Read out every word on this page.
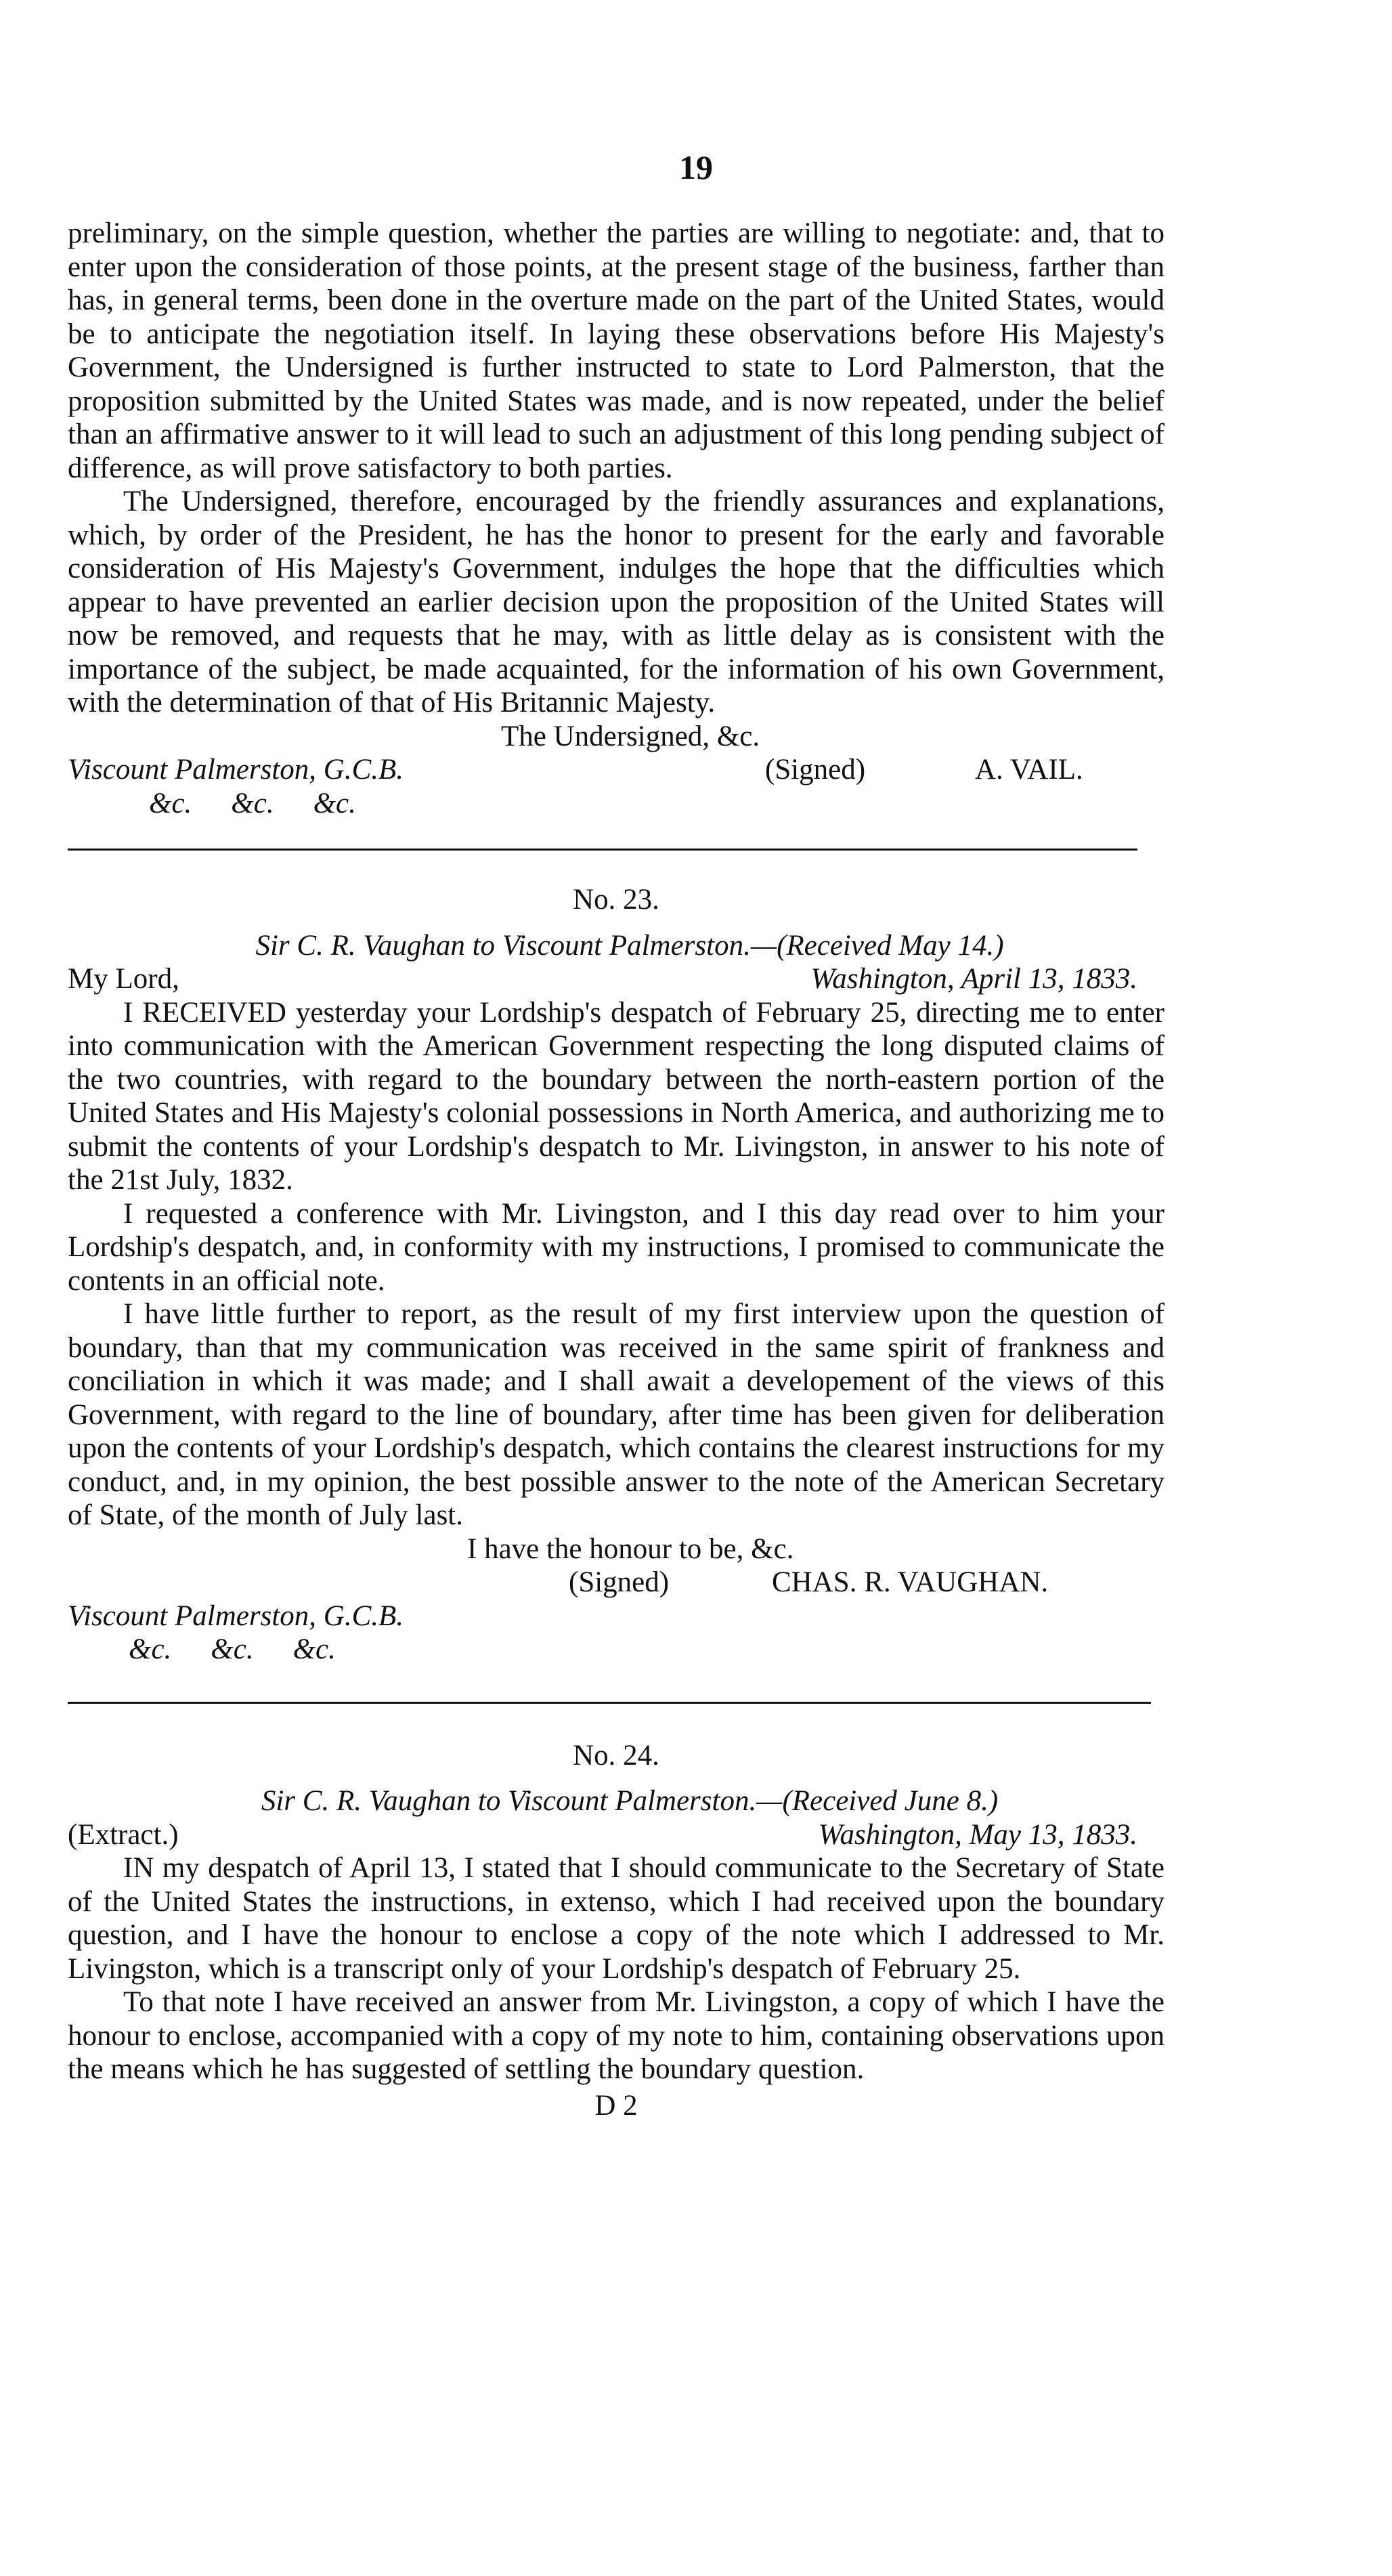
19

preliminary, on the simple question, whether the parties are willing to negotiate: and, that to enter upon the consideration of those points, at the present stage of the business, farther than has, in general terms, been done in the overture made on the part of the United States, would be to anticipate the negotiation itself. In laying these observations before His Majesty's Government, the Undersigned is further instructed to state to Lord Palmerston, that the proposition submitted by the United States was made, and is now repeated, under the belief than an affirmative answer to it will lead to such an adjustment of this long pending subject of difference, as will prove satisfactory to both parties.

The Undersigned, therefore, encouraged by the friendly assurances and explanations, which, by order of the President, he has the honor to present for the early and favorable consideration of His Majesty's Government, indulges the hope that the difficulties which appear to have prevented an earlier decision upon the proposition of the United States will now be removed, and requests that he may, with as little delay as is consistent with the importance of the subject, be made acquainted, for the information of his own Government, with the determination of that of His Britannic Majesty.

The Undersigned, &c.
Viscount Palmerston, G.C.B.	(Signed)	A. VAIL.
&c. &c. &c.
No. 23.
Sir C. R. Vaughan to Viscount Palmerston.—(Received May 14.)
My Lord,	Washington, April 13, 1833.

I RECEIVED yesterday your Lordship's despatch of February 25, directing me to enter into communication with the American Government respecting the long disputed claims of the two countries, with regard to the boundary between the north-eastern portion of the United States and His Majesty's colonial possessions in North America, and authorizing me to submit the contents of your Lordship's despatch to Mr. Livingston, in answer to his note of the 21st July, 1832.

I requested a conference with Mr. Livingston, and I this day read over to him your Lordship's despatch, and, in conformity with my instructions, I promised to communicate the contents in an official note.

I have little further to report, as the result of my first interview upon the question of boundary, than that my communication was received in the same spirit of frankness and conciliation in which it was made; and I shall await a developement of the views of this Government, with regard to the line of boundary, after time has been given for deliberation upon the contents of your Lordship's despatch, which contains the clearest instructions for my conduct, and, in my opinion, the best possible answer to the note of the American Secretary of State, of the month of July last.

I have the honour to be, &c.
(Signed)	CHAS. R. VAUGHAN.
Viscount Palmerston, G.C.B.
&c. &c. &c.
No. 24.
Sir C. R. Vaughan to Viscount Palmerston.—(Received June 8.)
(Extract.)	Washington, May 13, 1833.

IN my despatch of April 13, I stated that I should communicate to the Secretary of State of the United States the instructions, in extenso, which I had received upon the boundary question, and I have the honour to enclose a copy of the note which I addressed to Mr. Livingston, which is a transcript only of your Lordship's despatch of February 25.

To that note I have received an answer from Mr. Livingston, a copy of which I have the honour to enclose, accompanied with a copy of my note to him, containing observations upon the means which he has suggested of settling the boundary question.

D 2
